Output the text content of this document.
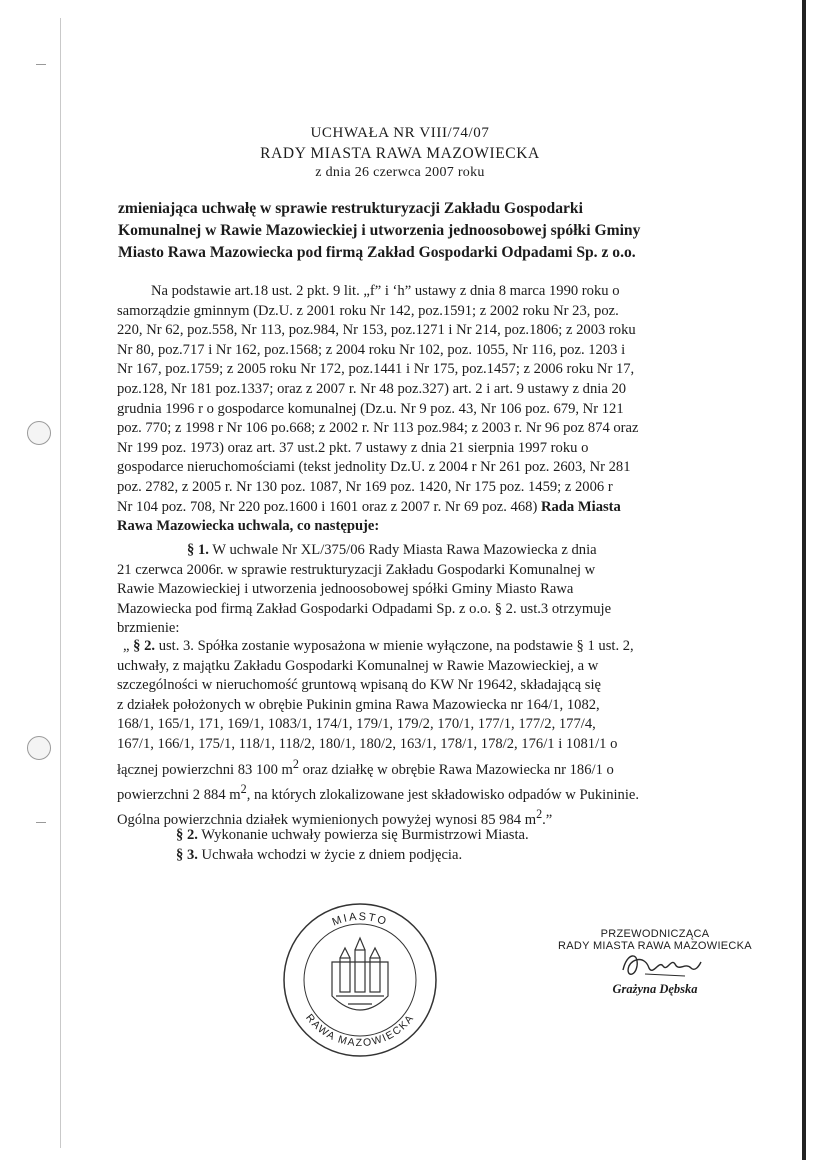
UCHWAŁA NR VIII/74/07
RADY MIASTA RAWA MAZOWIECKA
z dnia 26 czerwca 2007 roku
zmieniająca uchwałę w sprawie restrukturyzacji Zakładu Gospodarki
Komunalnej w Rawie Mazowieckiej i utworzenia jednoosobowej spółki Gminy
Miasto Rawa Mazowiecka pod firmą Zakład Gospodarki Odpadami Sp. z o.o.
Na podstawie art.18 ust. 2 pkt. 9 lit. „f” i ‘h” ustawy z dnia 8 marca 1990 roku o
samorządzie gminnym (Dz.U. z 2001 roku Nr 142, poz.1591; z 2002 roku Nr 23, poz.
220, Nr 62, poz.558, Nr 113, poz.984, Nr 153, poz.1271 i Nr 214, poz.1806; z 2003 roku
Nr 80, poz.717 i Nr 162, poz.1568; z 2004 roku Nr 102, poz. 1055, Nr 116, poz. 1203 i
Nr 167, poz.1759; z 2005 roku Nr 172, poz.1441 i Nr 175, poz.1457; z 2006 roku Nr 17,
poz.128, Nr 181 poz.1337; oraz z 2007 r. Nr 48 poz.327) art. 2 i art. 9 ustawy z dnia 20
grudnia 1996 r o gospodarce komunalnej (Dz.u. Nr 9 poz. 43, Nr 106 poz. 679, Nr 121
poz. 770; z 1998 r Nr 106 po.668; z 2002 r. Nr 113 poz.984; z 2003 r. Nr 96 poz 874 oraz
Nr 199 poz. 1973) oraz art. 37 ust.2 pkt. 7 ustawy z dnia 21 sierpnia 1997 roku o
gospodarce nieruchomościami (tekst jednolity Dz.U. z 2004 r Nr 261 poz. 2603, Nr 281
poz. 2782, z 2005 r. Nr 130 poz. 1087, Nr 169 poz. 1420, Nr 175 poz. 1459; z 2006 r
Nr 104 poz. 708, Nr 220 poz.1600 i 1601 oraz z 2007 r. Nr 69 poz. 468) Rada Miasta
Rawa Mazowiecka uchwala, co następuje:
§ 1. W uchwale Nr XL/375/06 Rady Miasta Rawa Mazowiecka z dnia
21 czerwca 2006r. w sprawie restrukturyzacji Zakładu Gospodarki Komunalnej w
Rawie Mazowieckiej i utworzenia jednoosobowej spółki Gminy Miasto Rawa
Mazowiecka pod firmą Zakład Gospodarki Odpadami Sp. z o.o. § 2. ust.3 otrzymuje
brzmienie:
„ § 2. ust. 3. Spółka zostanie wyposażona w mienie wyłączone, na podstawie § 1 ust. 2,
uchwały, z majątku Zakładu Gospodarki Komunalnej w Rawie Mazowieckiej, a w
szczególności w nieruchomość gruntową wpisaną do KW Nr 19642, składającą się
z działek położonych w obrębie Pukinin gmina Rawa Mazowiecka nr 164/1, 1082,
168/1, 165/1, 171, 169/1, 1083/1, 174/1, 179/1, 179/2, 170/1, 177/1, 177/2, 177/4,
167/1, 166/1, 175/1, 118/1, 118/2, 180/1, 180/2, 163/1, 178/1, 178/2, 176/1 i 1081/1 o
łącznej powierzchni 83 100 $m^2$ oraz działkę w obrębie Rawa Mazowiecka nr 186/1 o
powierzchni 2 884 $m^2$, na których zlokalizowane jest składowisko odpadów w Pukininie.
Ogólna powierzchnia działek wymienionych powyżej wynosi 85 984 $m^2$.”
§ 2. Wykonanie uchwały powierza się Burmistrzowi Miasta.
§ 3. Uchwała wchodzi w życie z dniem podjęcia.
MIASTO
RAWA MAZOWIECKA
PRZEWODNICZĄCA
RADY MIASTA RAWA MAZOWIECKA
Grażyna Dębska
